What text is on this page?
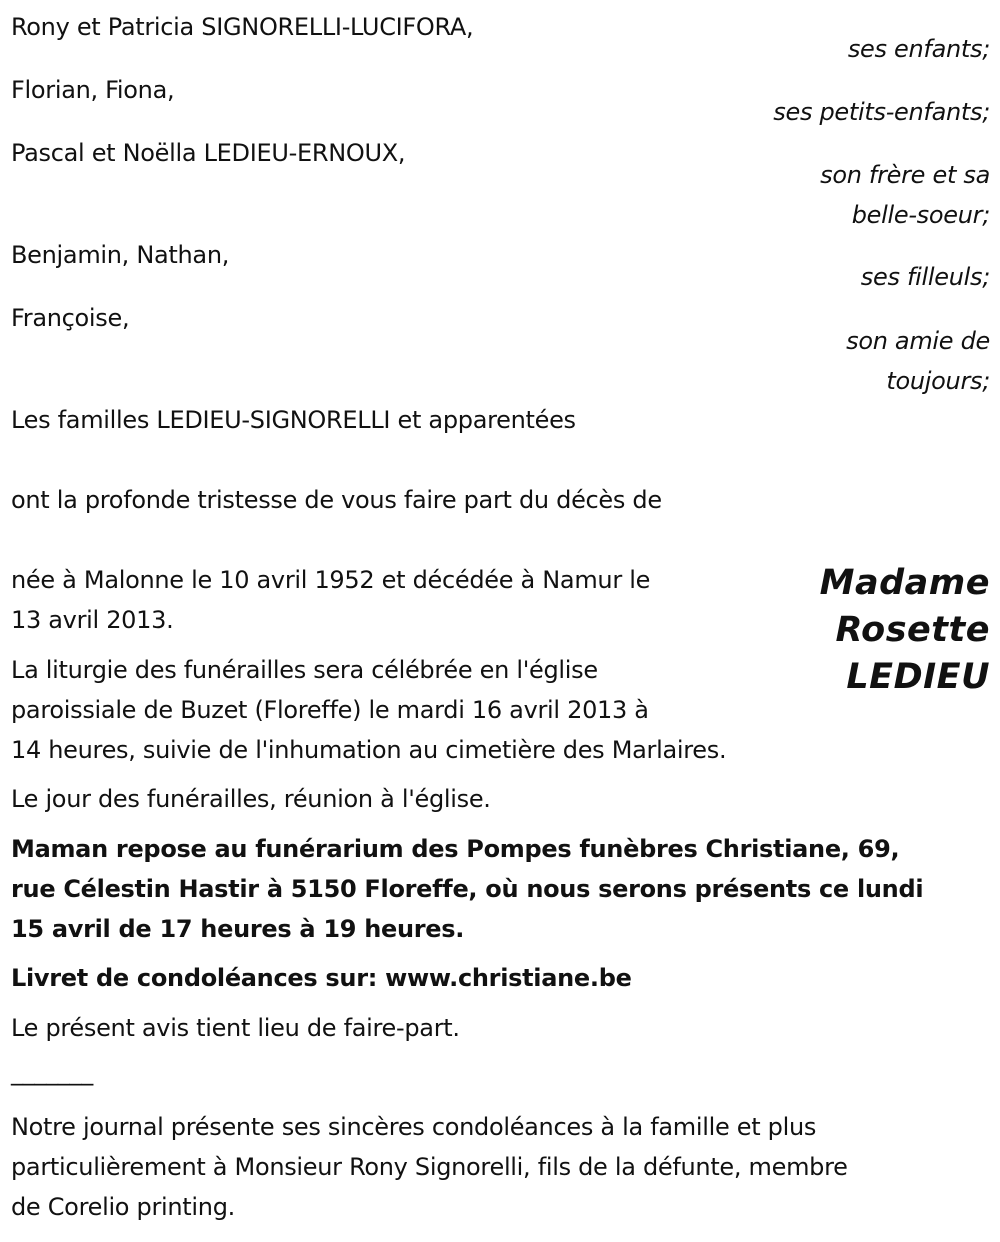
Rony et Patricia SIGNORELLI-LUCIFORA,
ses enfants;
Florian, Fiona,
ses petits-enfants;
Pascal et Noëlla LEDIEU-ERNOUX,
son frère et sa
belle-soeur;
Benjamin, Nathan,
ses filleuls;
Françoise,
son amie de
toujours;
Les familles LEDIEU-SIGNORELLI et apparentées
ont la profonde tristesse de vous faire part du décès de
Madame
Rosette
LEDIEU
née à Malonne le 10 avril 1952 et décédée à Namur le
13 avril 2013.
La liturgie des funérailles sera célébrée en l'église
paroissiale de Buzet (Floreffe) le mardi 16 avril 2013 à
14 heures, suivie de l'inhumation au cimetière des Marlaires.
Le jour des funérailles, réunion à l'église.
Maman repose au funérarium des Pompes funèbres Christiane, 69,
rue Célestin Hastir à 5150 Floreffe, où nous serons présents ce lundi
15 avril de 17 heures à 19 heures.
Livret de condoléances sur: www.christiane.be
Le présent avis tient lieu de faire-part.
_______
Notre journal présente ses sincères condoléances à la famille et plus
particulièrement à Monsieur Rony Signorelli, fils de la défunte, membre
de Corelio printing.
